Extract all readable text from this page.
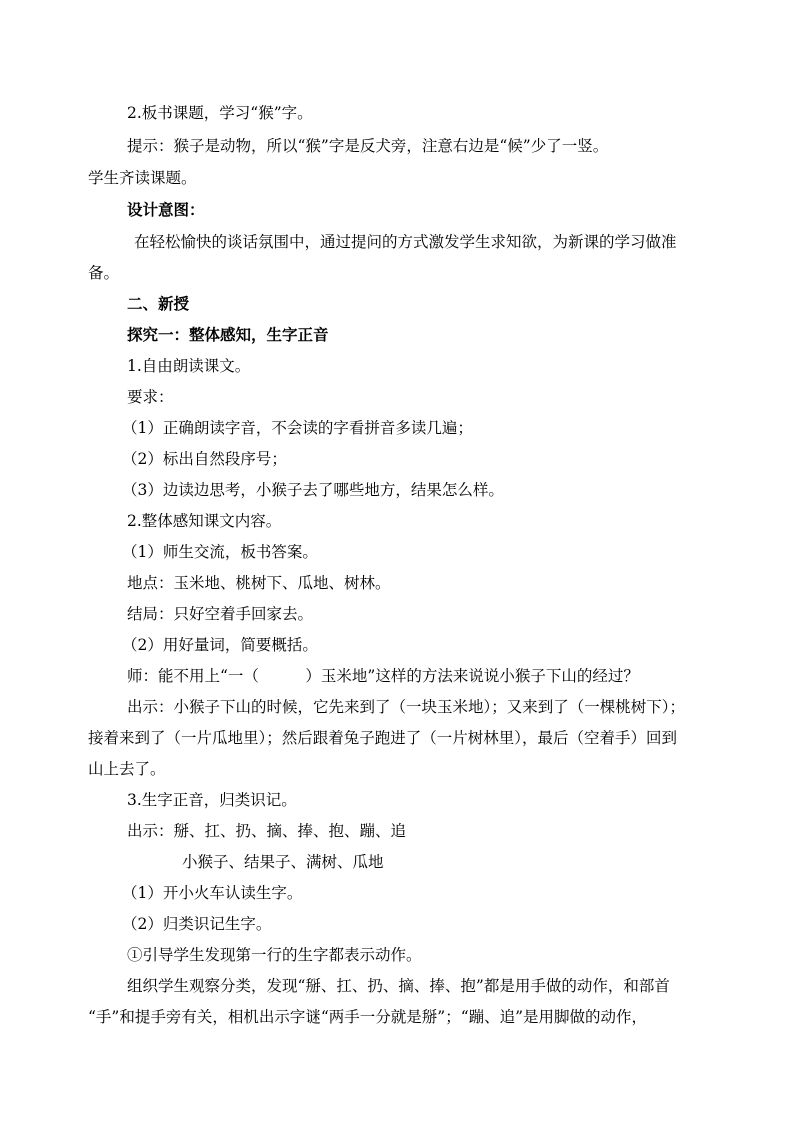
2.板书课题，学习“猴”字。
提示：猴子是动物，所以“猴”字是反犬旁，注意右边是“候”少了一竖。
学生齐读课题。
设计意图：
在轻松愉快的谈话氛围中，通过提问的方式激发学生求知欲，为新课的学习做准
备。
二、新授
探究一：整体感知，生字正音
1.自由朗读课文。
要求：
（1）正确朗读字音，不会读的字看拼音多读几遍；
（2）标出自然段序号；
（3）边读边思考，小猴子去了哪些地方，结果怎么样。
2.整体感知课文内容。
（1）师生交流，板书答案。
地点：玉米地、桃树下、瓜地、树林。
结局：只好空着手回家去。
（2）用好量词，简要概括。
师：能不用上“一（　　　）玉米地”这样的方法来说说小猴子下山的经过？
出示：小猴子下山的时候，它先来到了（一块玉米地）；又来到了（一棵桃树下）；
接着来到了（一片瓜地里）；然后跟着兔子跑进了（一片树林里），最后（空着手）回到
山上去了。
3.生字正音，归类识记。
出示：掰、扛、扔、摘、捧、抱、蹦、追
小猴子、结果子、满树、瓜地
（1）开小火车认读生字。
（2）归类识记生字。
①引导学生发现第一行的生字都表示动作。
组织学生观察分类，发现“掰、扛、扔、摘、捧、抱”都是用手做的动作，和部首
“手”和提手旁有关，相机出示字谜“两手一分就是掰”；“蹦、追”是用脚做的动作，
